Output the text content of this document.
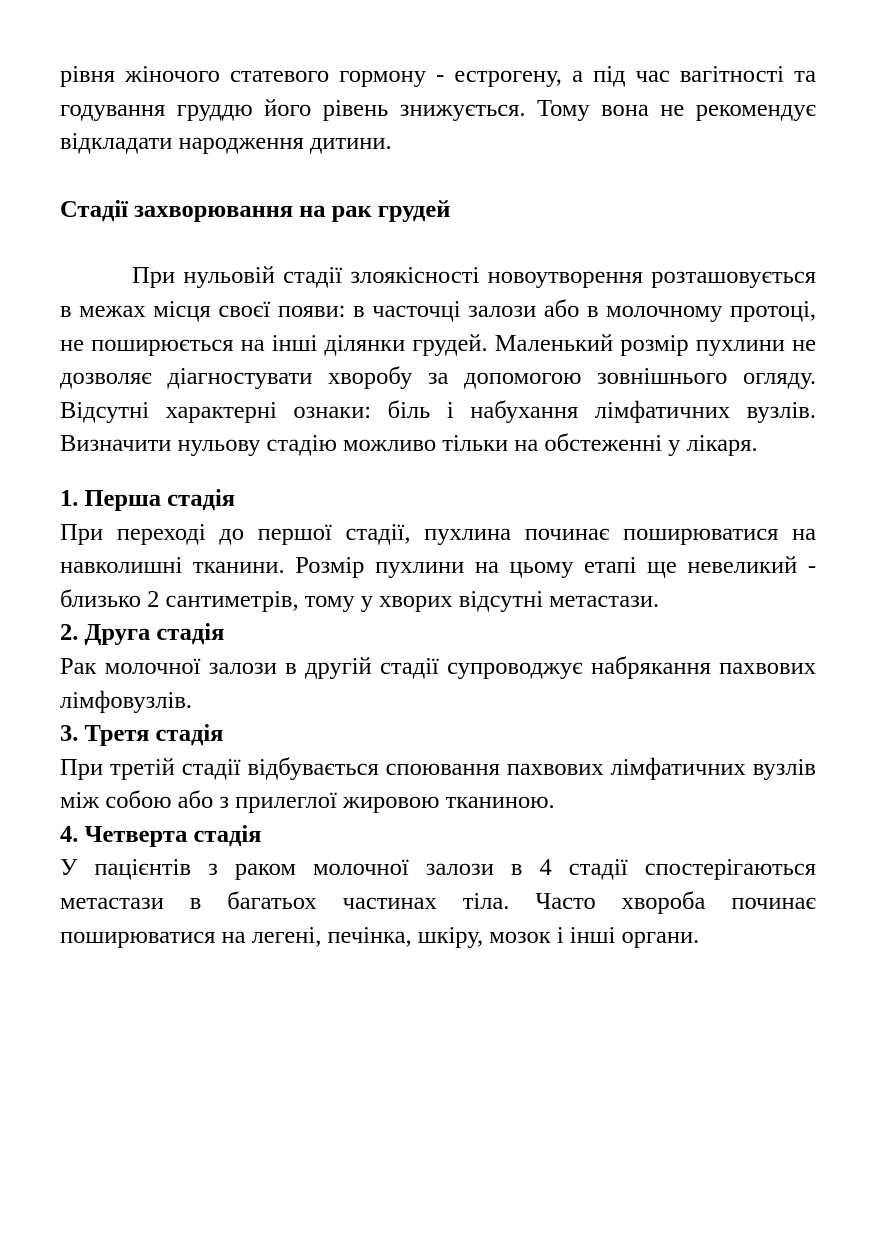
рівня жіночого статевого гормону - естрогену, а під час вагітності та годування груддю його рівень знижується. Тому вона не рекомендує відкладати народження дитини.

Стадії захворювання на рак грудей

При нульовій стадії злоякісності новоутворення розташовується в межах місця своєї появи: в часточці залози або в молочному протоці, не поширюється на інші ділянки грудей. Маленький розмір пухлини не дозволяє діагностувати хворобу за допомогою зовнішнього огляду. Відсутні характерні ознаки: біль і набухання лімфатичних вузлів. Визначити нульову стадію можливо тільки на обстеженні у лікаря.

1. Перша стадія

При переході до першої стадії, пухлина починає поширюватися на навколишні тканини. Розмір пухлини на цьому етапі ще невеликий - близько 2 сантиметрів, тому у хворих відсутні метастази.

2. Друга стадія

Рак молочної залози в другій стадії супроводжує набрякання пахвових лімфовузлів.

3. Третя стадія

При третій стадії відбувається споювання пахвових лімфатичних вузлів між собою або з прилеглої жировою тканиною.

4. Четверта стадія

У пацієнтів з раком молочної залози в 4 стадії спостерігаються метастази в багатьох частинах тіла. Часто хвороба починає поширюватися на легені, печінка, шкіру, мозок і інші органи.
